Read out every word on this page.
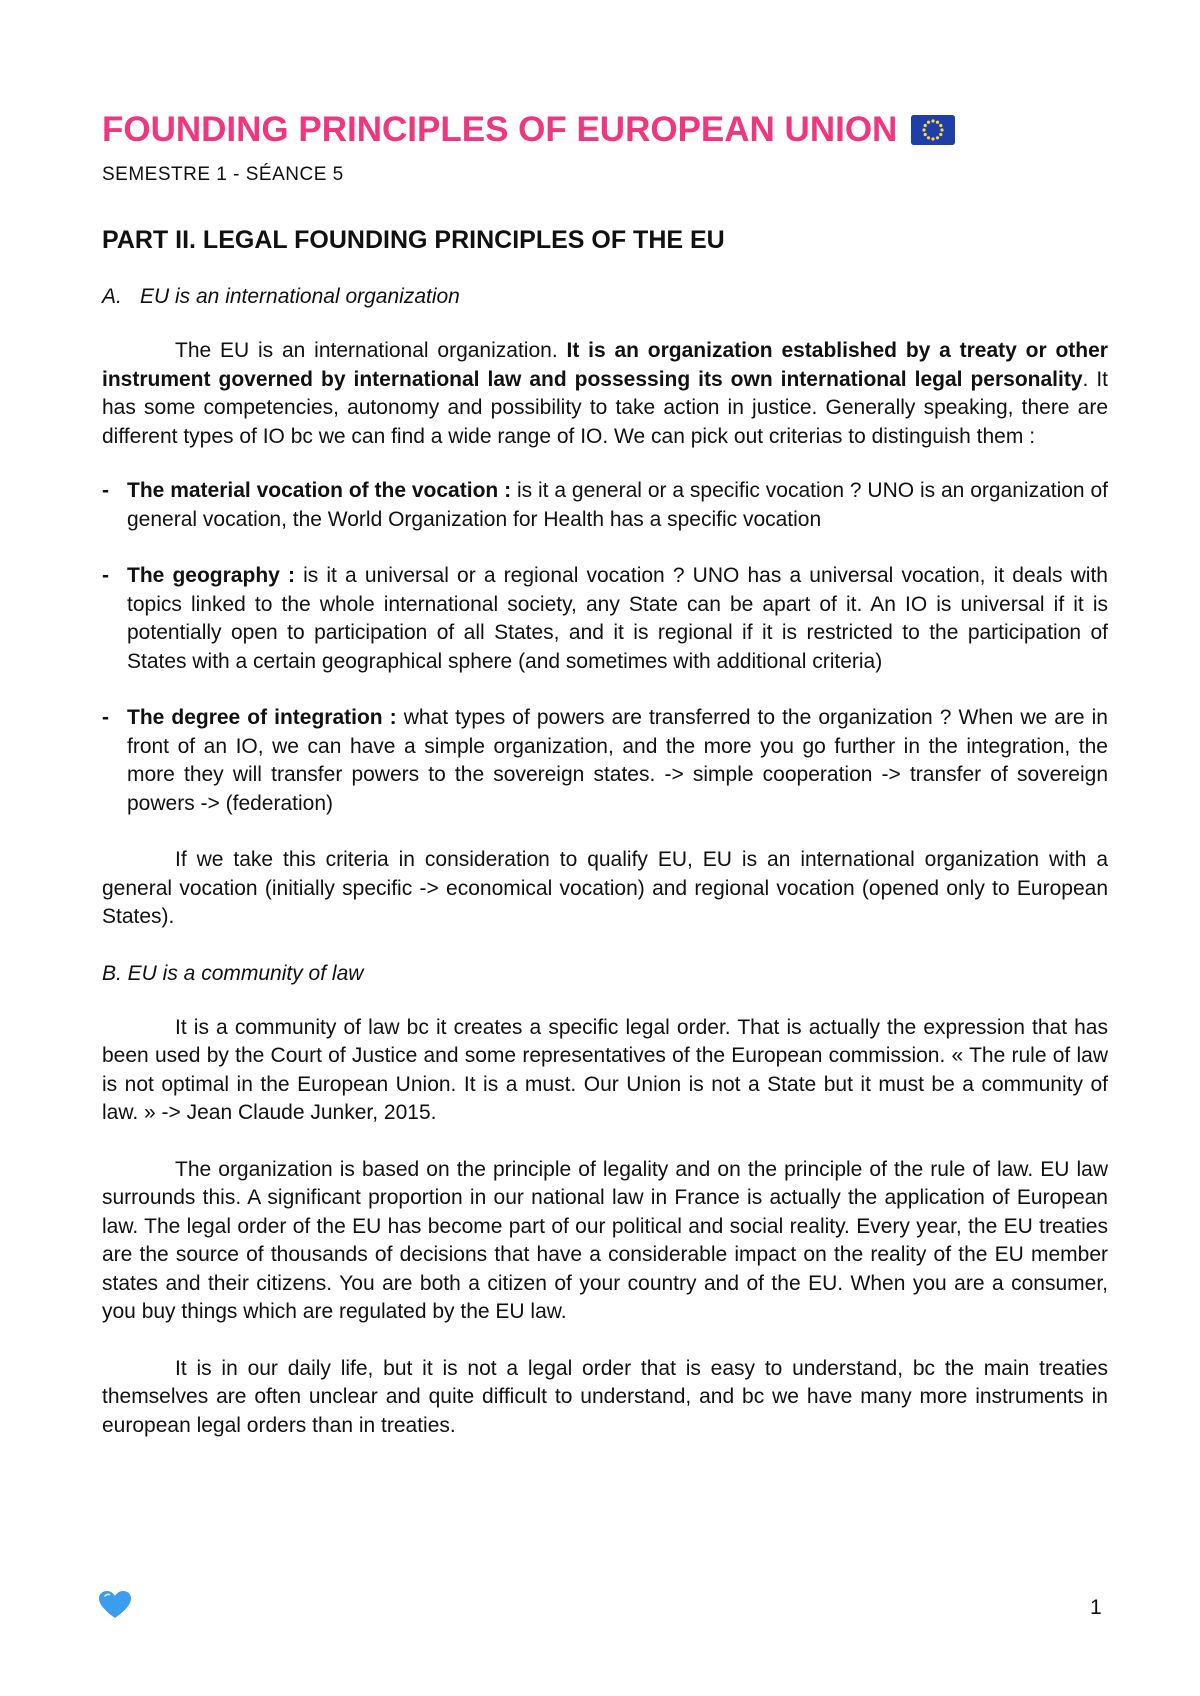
FOUNDING PRINCIPLES OF EUROPEAN UNION

SEMESTRE 1 - SÉANCE 5

PART II. LEGAL FOUNDING PRINCIPLES OF THE EU
A. EU is an international organization

The EU is an international organization. It is an organization established by a treaty or other instrument governed by international law and possessing its own international legal personality. It has some competencies, autonomy and possibility to take action in justice. Generally speaking, there are different types of IO bc we can find a wide range of IO. We can pick out criterias to distinguish them :

- The material vocation of the vocation : is it a general or a specific vocation ? UNO is an organization of general vocation, the World Organization for Health has a specific vocation
- The geography : is it a universal or a regional vocation ? UNO has a universal vocation, it deals with topics linked to the whole international society, any State can be apart of it. An IO is universal if it is potentially open to participation of all States, and it is regional if it is restricted to the participation of States with a certain geographical sphere (and sometimes with additional criteria)
- The degree of integration : what types of powers are transferred to the organization ? When we are in front of an IO, we can have a simple organization, and the more you go further in the integration, the more they will transfer powers to the sovereign states. -> simple cooperation -> transfer of sovereign powers -> (federation)

If we take this criteria in consideration to qualify EU, EU is an international organization with a general vocation (initially specific -> economical vocation) and regional vocation (opened only to European States).

B. EU is a community of law

It is a community of law bc it creates a specific legal order. That is actually the expression that has been used by the Court of Justice and some representatives of the European commission. « The rule of law is not optimal in the European Union. It is a must. Our Union is not a State but it must be a community of law. » -> Jean Claude Junker, 2015.

The organization is based on the principle of legality and on the principle of the rule of law. EU law surrounds this. A significant proportion in our national law in France is actually the application of European law. The legal order of the EU has become part of our political and social reality. Every year, the EU treaties are the source of thousands of decisions that have a considerable impact on the reality of the EU member states and their citizens. You are both a citizen of your country and of the EU. When you are a consumer, you buy things which are regulated by the EU law.

It is in our daily life, but it is not a legal order that is easy to understand, bc the main treaties themselves are often unclear and quite difficult to understand, and bc we have many more instruments in european legal orders than in treaties.

1
